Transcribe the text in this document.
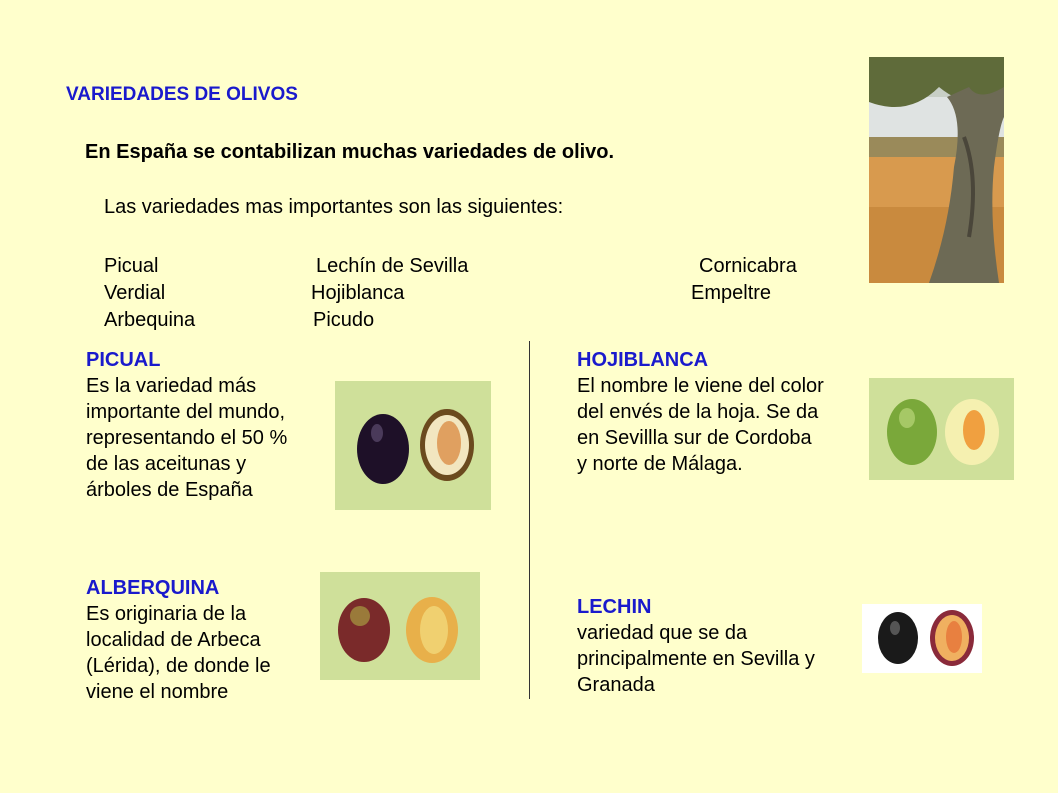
VARIEDADES DE OLIVOS
En España se contabilizan muchas variedades de olivo.
Las variedades mas importantes son las siguientes:
Picual	Lechín de Sevilla	Cornicabra
Verdial	Hojiblanca	Empeltre
Arbequina	Picudo
PICUAL
Es la variedad más importante del mundo, representando el 50 % de las aceitunas y árboles de España
ALBERQUINA
Es originaria de la localidad de Arbeca (Lérida), de donde le viene el nombre
HOJIBLANCA
El nombre le viene del color del envés de la hoja. Se da en Sevillla sur de Cordoba y norte de Málaga.
LECHIN
variedad que se da principalmente en Sevilla y Granada
